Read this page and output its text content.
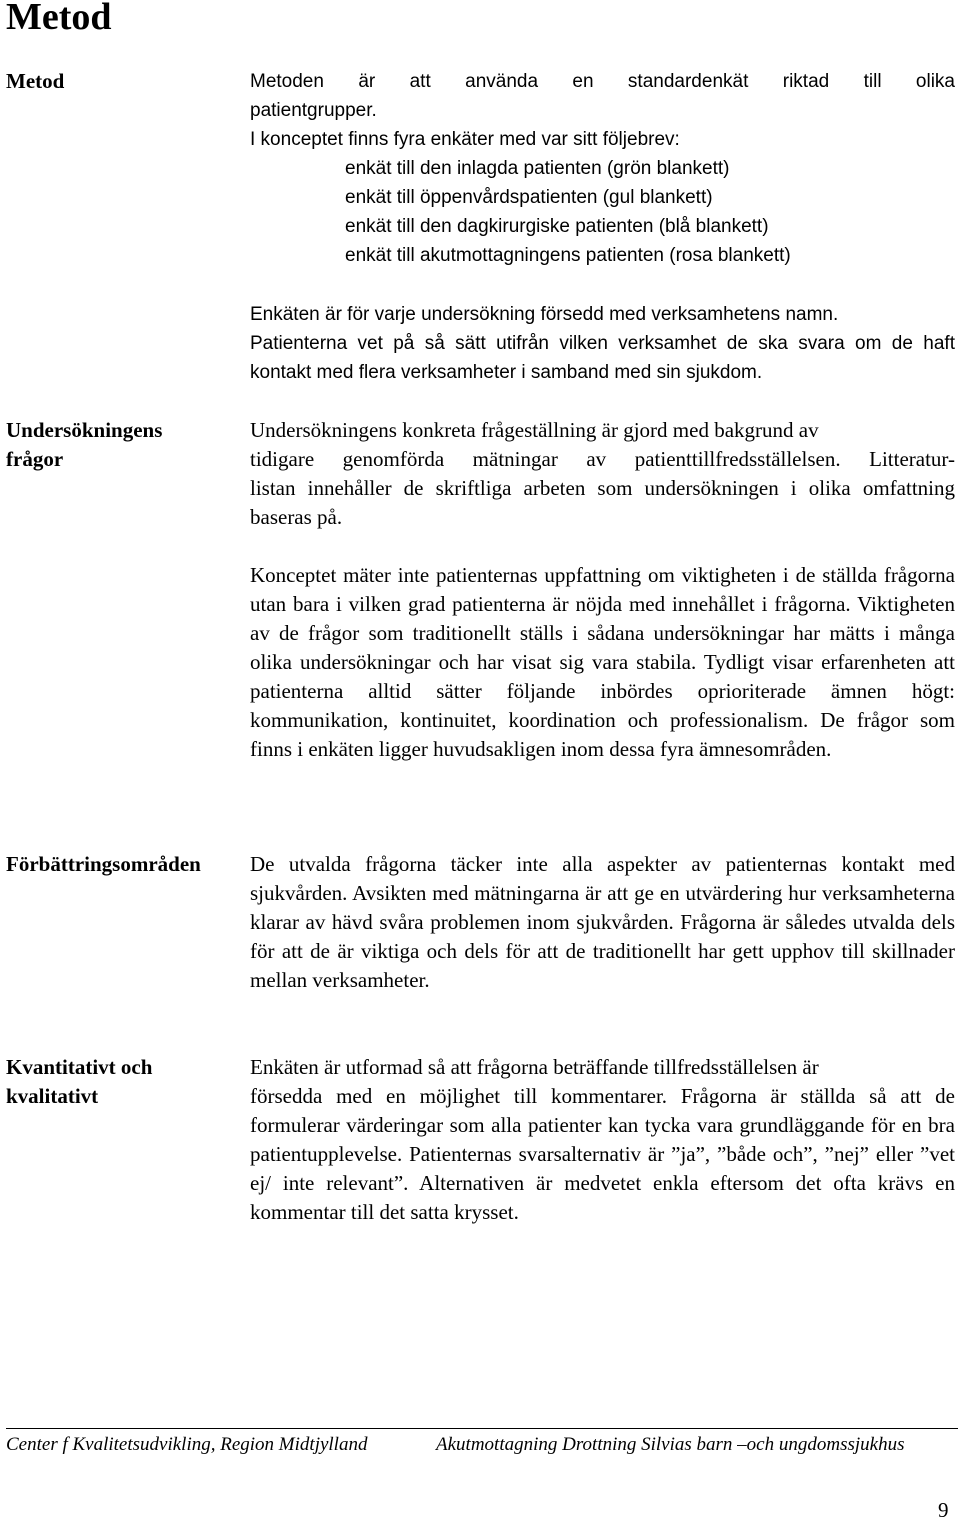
Metod
Metod	Metoden är att använda en standardenkät riktad till olika
patientgrupper.
I konceptet finns fyra enkäter med var sitt följebrev:
enkät till den inlagda patienten (grön blankett)
enkät till öppenvårdspatienten (gul blankett)
enkät till den dagkirurgiske patienten (blå blankett)
enkät till akutmottagningens patienten (rosa blankett)
Enkäten är för varje undersökning försedd med verksamhetens namn.
Patienterna vet på så sätt utifrån vilken verksamhet de ska svara om de haft kontakt med flera verksamheter i samband med sin sjukdom.
Undersökningens
frågor
Undersökningens konkreta frågeställning är gjord med bakgrund av
tidigare genomförda mätningar av patienttillfredsställelsen. Litteratur-
listan innehåller de skriftliga arbeten som undersökningen i olika omfattning baseras på.

Konceptet mäter inte patienternas uppfattning om viktigheten i de ställda frågorna utan bara i vilken grad patienterna är nöjda med innehållet i frågorna. Viktigheten av de frågor som traditionellt ställs i sådana undersökningar har mätts i många olika undersökningar och har visat sig vara stabila. Tydligt visar erfarenheten att patienterna alltid sätter följande inbördes oprioriterade ämnen högt: kommunikation, kontinuitet, koordination och professionalism. De frågor som finns i enkäten ligger huvudsakligen inom dessa fyra ämnesområden.

Förbättringsområden De utvalda frågorna täcker inte alla aspekter av patienternas kontakt med sjukvården. Avsikten med mätningarna är att ge en utvärdering hur verksamheterna klarar av hävd svåra problemen inom sjukvården. Frågorna är således utvalda dels för att de är viktiga och dels för att de traditionellt har gett upphov till skillnader mellan verksamheter.

Kvantitativt och
kvalitativt
Enkäten är utformad så att frågorna beträffande tillfredsställelsen är
försedda med en möjlighet till kommentarer. Frågorna är ställda så att de formulerar värderingar som alla patienter kan tycka vara grundläggande för en bra patientupplevelse. Patienternas svarsalternativ är ”ja”, ”både och”, ”nej” eller ”vet ej/ inte relevant”. Alternativen är medvetet enkla eftersom det ofta krävs en kommentar till det satta krysset.
Center f Kvalitetsudvikling, Region Midtjylland	Akutmottagning Drottning Silvias barn –och ungdomssjukhus
9
